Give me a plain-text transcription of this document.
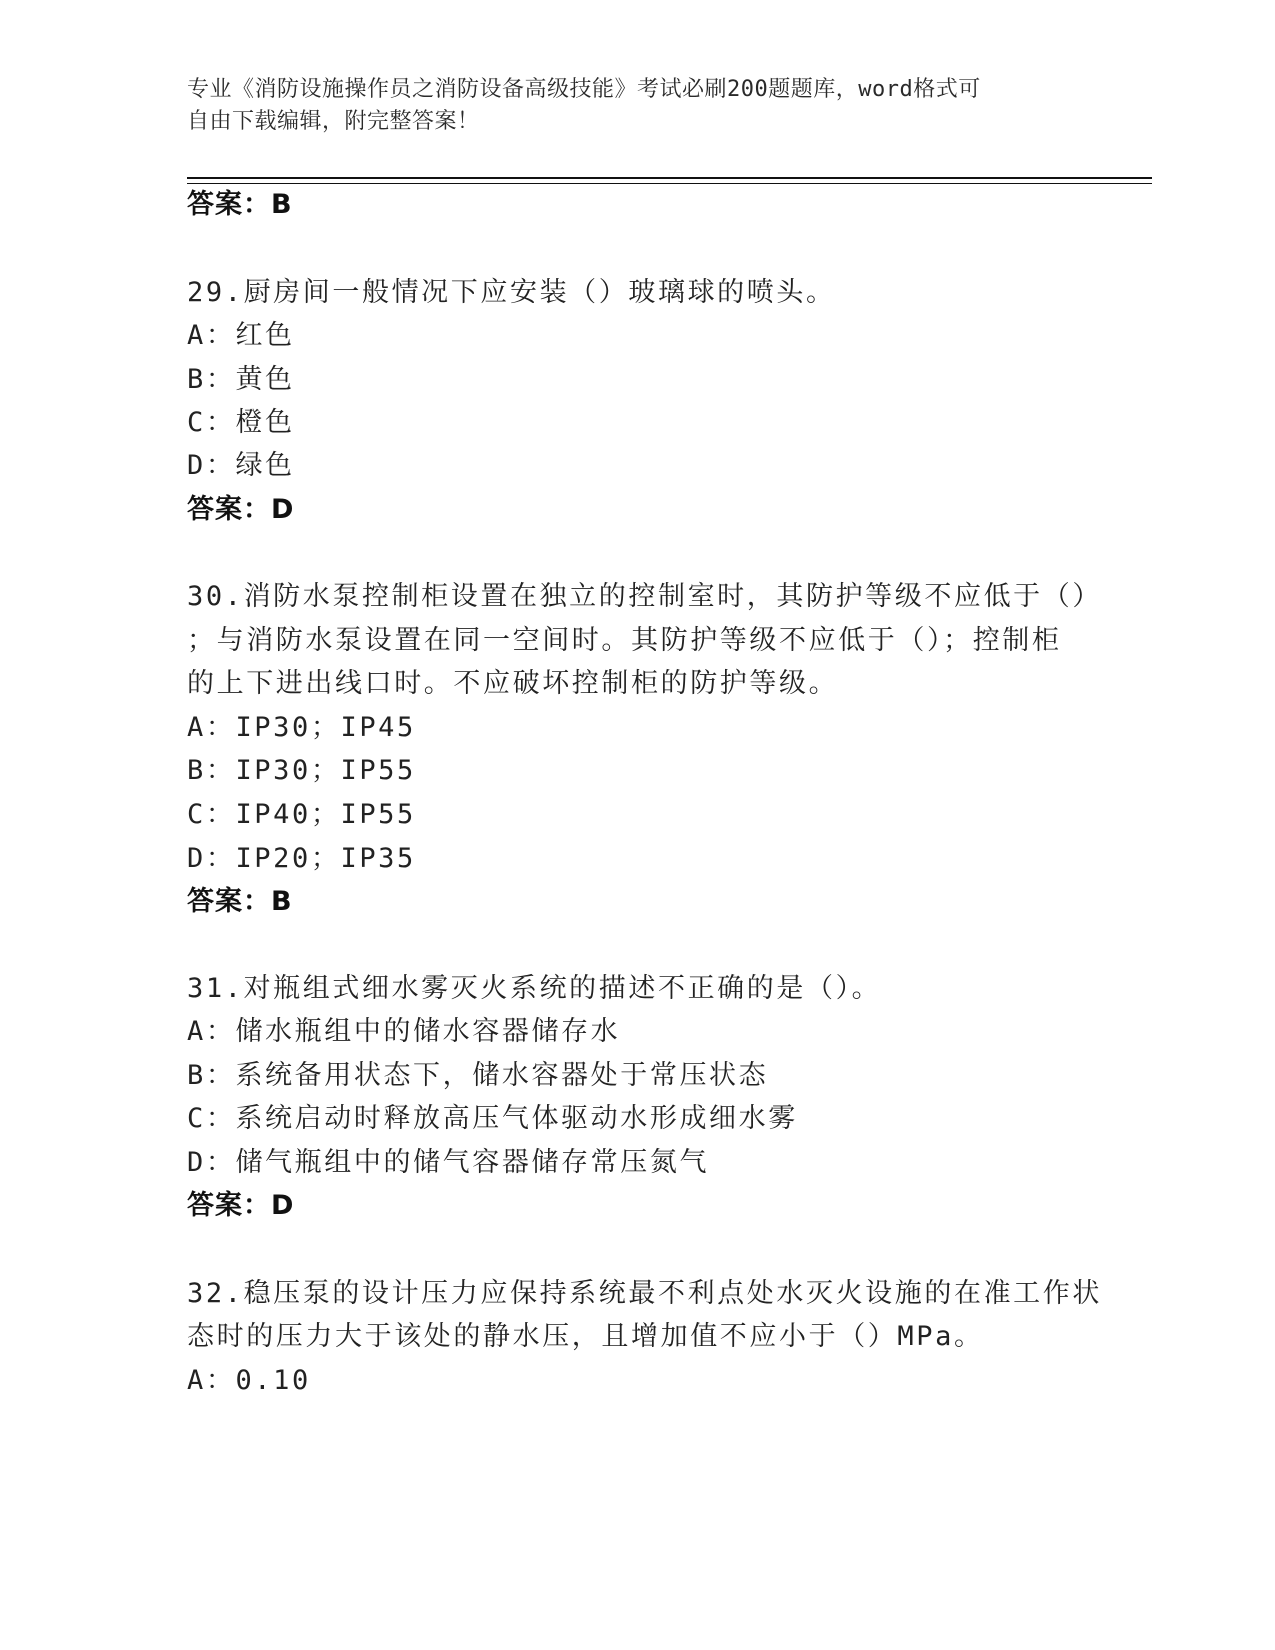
专业《消防设施操作员之消防设备高级技能》考试必刷200题题库，word格式可
自由下载编辑，附完整答案！
答案：B
29.厨房间一般情况下应安装（）玻璃球的喷头。
A：红色
B：黄色
C：橙色
D：绿色
答案：D
30.消防水泵控制柜设置在独立的控制室时，其防护等级不应低于（）
；与消防水泵设置在同一空间时。其防护等级不应低于（）；控制柜
的上下进出线口时。不应破坏控制柜的防护等级。
A：IP30；IP45
B：IP30；IP55
C：IP40；IP55
D：IP20；IP35
答案：B
31.对瓶组式细水雾灭火系统的描述不正确的是（）。
A：储水瓶组中的储水容器储存水
B：系统备用状态下，储水容器处于常压状态
C：系统启动时释放高压气体驱动水形成细水雾
D：储气瓶组中的储气容器储存常压氮气
答案：D
32.稳压泵的设计压力应保持系统最不利点处水灭火设施的在准工作状
态时的压力大于该处的静水压，且增加值不应小于（）MPa。
A：0.10
